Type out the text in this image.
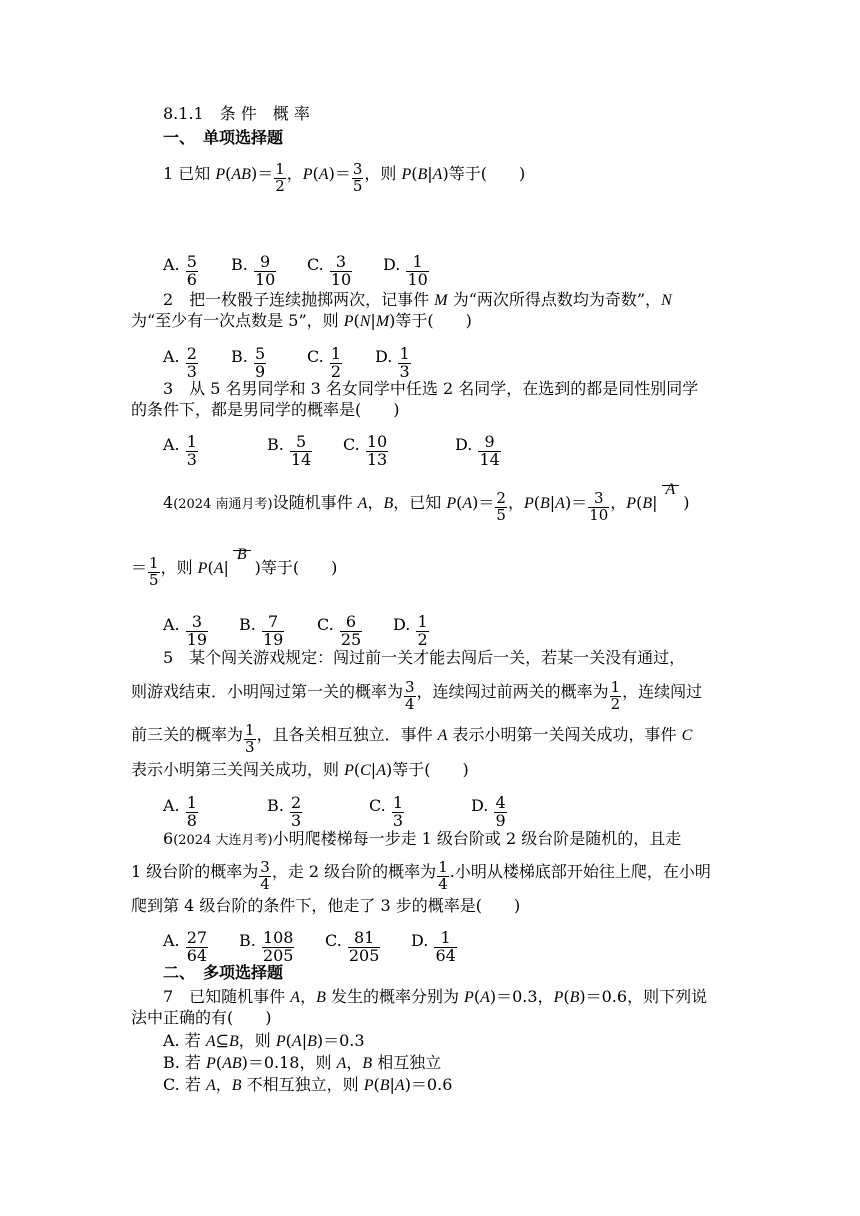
8.1.1　条 件　概 率
一、　单项选择题
1 已知 $P(AB)= \frac{1}{2}$ ，$P(A)= \frac{3}{5}$ ，则 P(B|A)等于(　　)
A. $\frac{5}{6} B$. $\frac{9}{10} C$. $\frac{3}{10} D$. $\frac{1}{10}$
2　把一枚骰子连续抛掷两次，记事件 M 为“两次所得点数均为奇数”，N
为“至少有一次点数是 5”，则 P(N|M)等于(　　)
A. $\frac{2}{3} B$. $\frac{5}{9}$	C. $\frac{1}{2} D$. $\frac{1}{3}$
3　从 5 名男同学和 3 名女同学中任选 2 名同学，在选到的都是同性别同学
的条件下，都是男同学的概率是(　　)
A. $\frac{1}{3}$	B. $\frac{5}{14} C$. $\frac{10}{13}$	D. $\frac{9}{14}$
4(2024 南通月考)设随机事件 A，B，已知 $P(A)= \frac{2}{5}$ ，$P(B|A)= \frac{3}{10}$ ，P(B|
A)
＝ $\frac{1}{5}$ ，则 P(A|
B)等于(　　)
A. $\frac{3}{19} B$. $\frac{7}{19} C$. $\frac{6}{25} D$. $\frac{1}{2}$
5　某个闯关游戏规定：闯过前一关才能去闯后一关，若某一关没有通过，
则游戏结束．小明闯过第一关的概率为 $\frac{3}{4}$ ，连续闯过前两关的概率为 $\frac{1}{2}$ ，连续闯过
前三关的概率为 $\frac{1}{3}$ ，且各关相互独立．事件 A 表示小明第一关闯关成功，事件 C
表示小明第三关闯关成功，则 P(C|A)等于(　　)
A. $\frac{1}{8}$	B. $\frac{2}{3}$	C. $\frac{1}{3}$	D. $\frac{4}{9}$
6(2024 大连月考)小明爬楼梯每一步走 1 级台阶或 2 级台阶是随机的，且走
1 级台阶的概率为 $\frac{3}{4}$ ，走 2 级台阶的概率为 $\frac{1}{4}$ .小明从楼梯底部开始往上爬，在小明
爬到第 4 级台阶的条件下，他走了 3 步的概率是(　　)
A. $\frac{27}{64} B$. $\frac{108}{205} C$. $\frac{81}{205} D$. $\frac{1}{64}$
二、　多项选择题
7　已知随机事件 A，B 发生的概率分别为 P(A)＝0.3，P(B)＝0.6，则下列说
法中正确的有(　　)
A. 若 A⊆B，则 P(A|B)＝0.3
B. 若 P(AB)＝0.18，则 A，B 相互独立
C. 若 A，B 不相互独立，则 P(B|A)＝0.6
